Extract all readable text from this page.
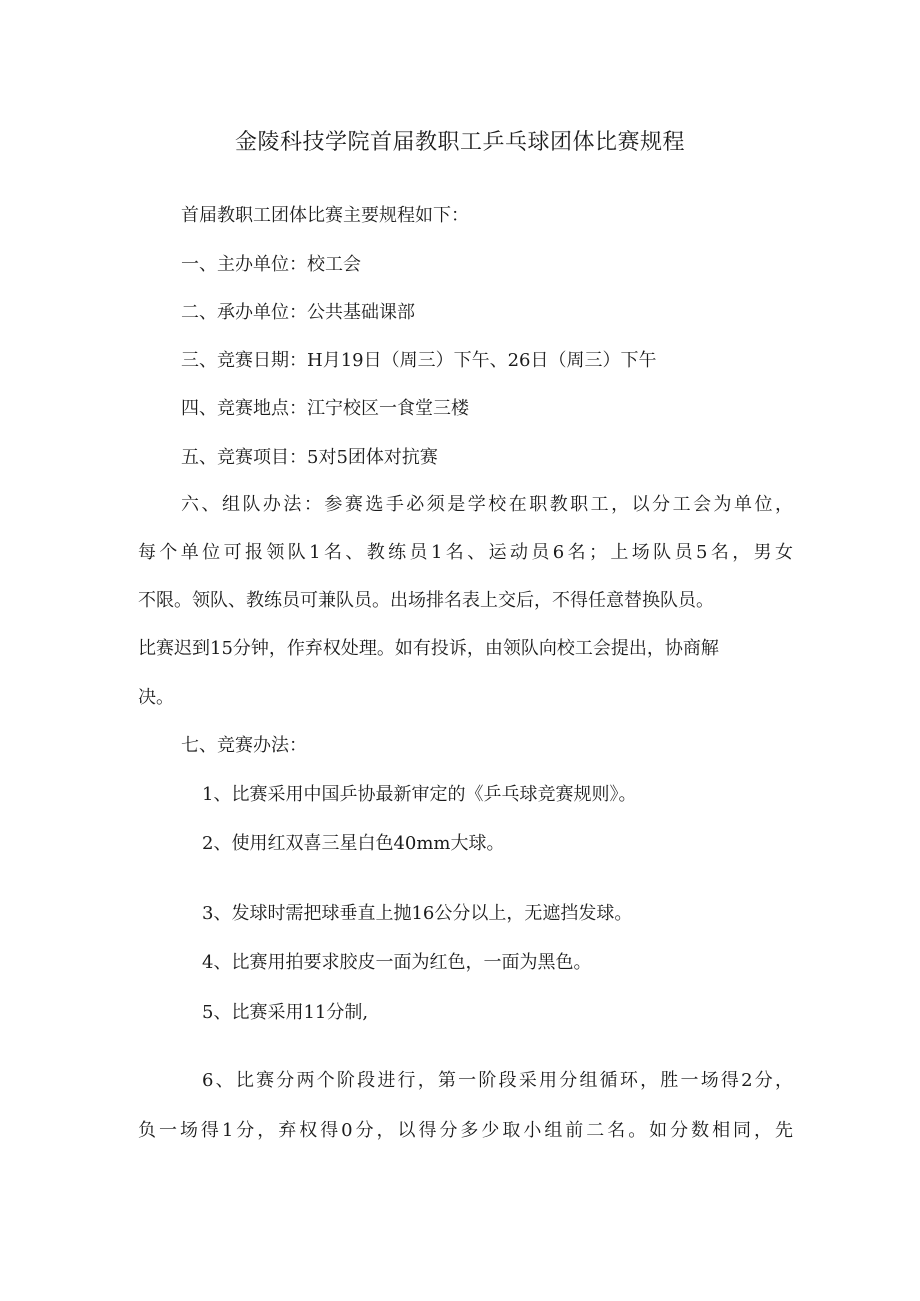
金陵科技学院首届教职工乒乓球团体比赛规程
首届教职工团体比赛主要规程如下：
一、主办单位：校工会
二、承办单位：公共基础课部
三、竞赛日期：H月19日（周三）下午、26日（周三）下午
四、竞赛地点：江宁校区一食堂三楼
五、竞赛项目：5对5团体对抗赛
六、组队办法：参赛选手必须是学校在职教职工，以分工会为单位，
每个单位可报领队1名、教练员1名、运动员6名；上场队员5名，男女
不限。领队、教练员可兼队员。出场排名表上交后，不得任意替换队员。
比赛迟到15分钟，作弃权处理。如有投诉，由领队向校工会提出，协商解
决。
七、竞赛办法：
1、比赛采用中国乒协最新审定的《乒乓球竞赛规则》。
2、使用红双喜三星白色40mm大球。
3、发球时需把球垂直上抛16公分以上，无遮挡发球。
4、比赛用拍要求胶皮一面为红色，一面为黑色。
5、比赛采用11分制,
6、比赛分两个阶段进行，第一阶段采用分组循环，胜一场得2分，
负一场得1分，弃权得0分，以得分多少取小组前二名。如分数相同，先
